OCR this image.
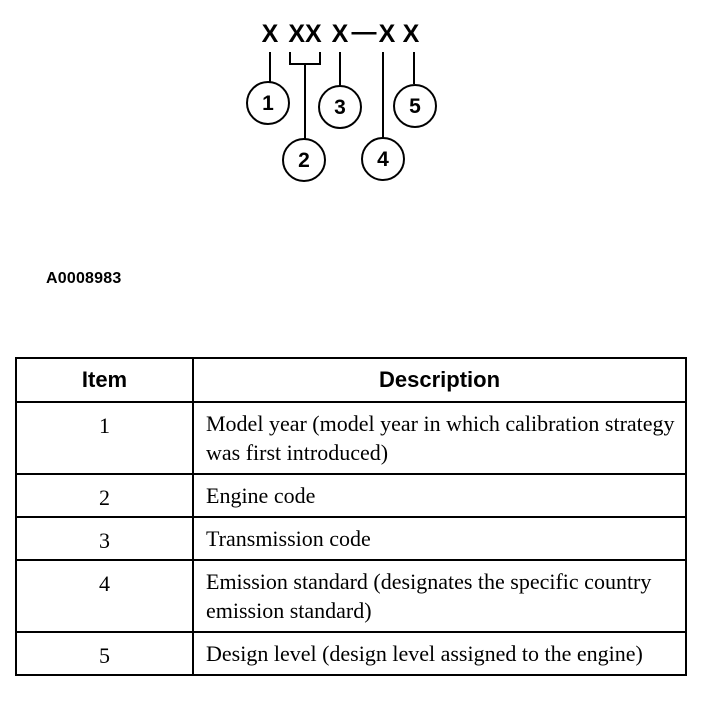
X XX X — X X
1
2
3
4
5
A0008983
Item	Description
1	Model year (model year in which calibration strategy was first introduced)
2	Engine code
3	Transmission code
4	Emission standard (designates the specific country emission standard)
5	Design level (design level assigned to the engine)
